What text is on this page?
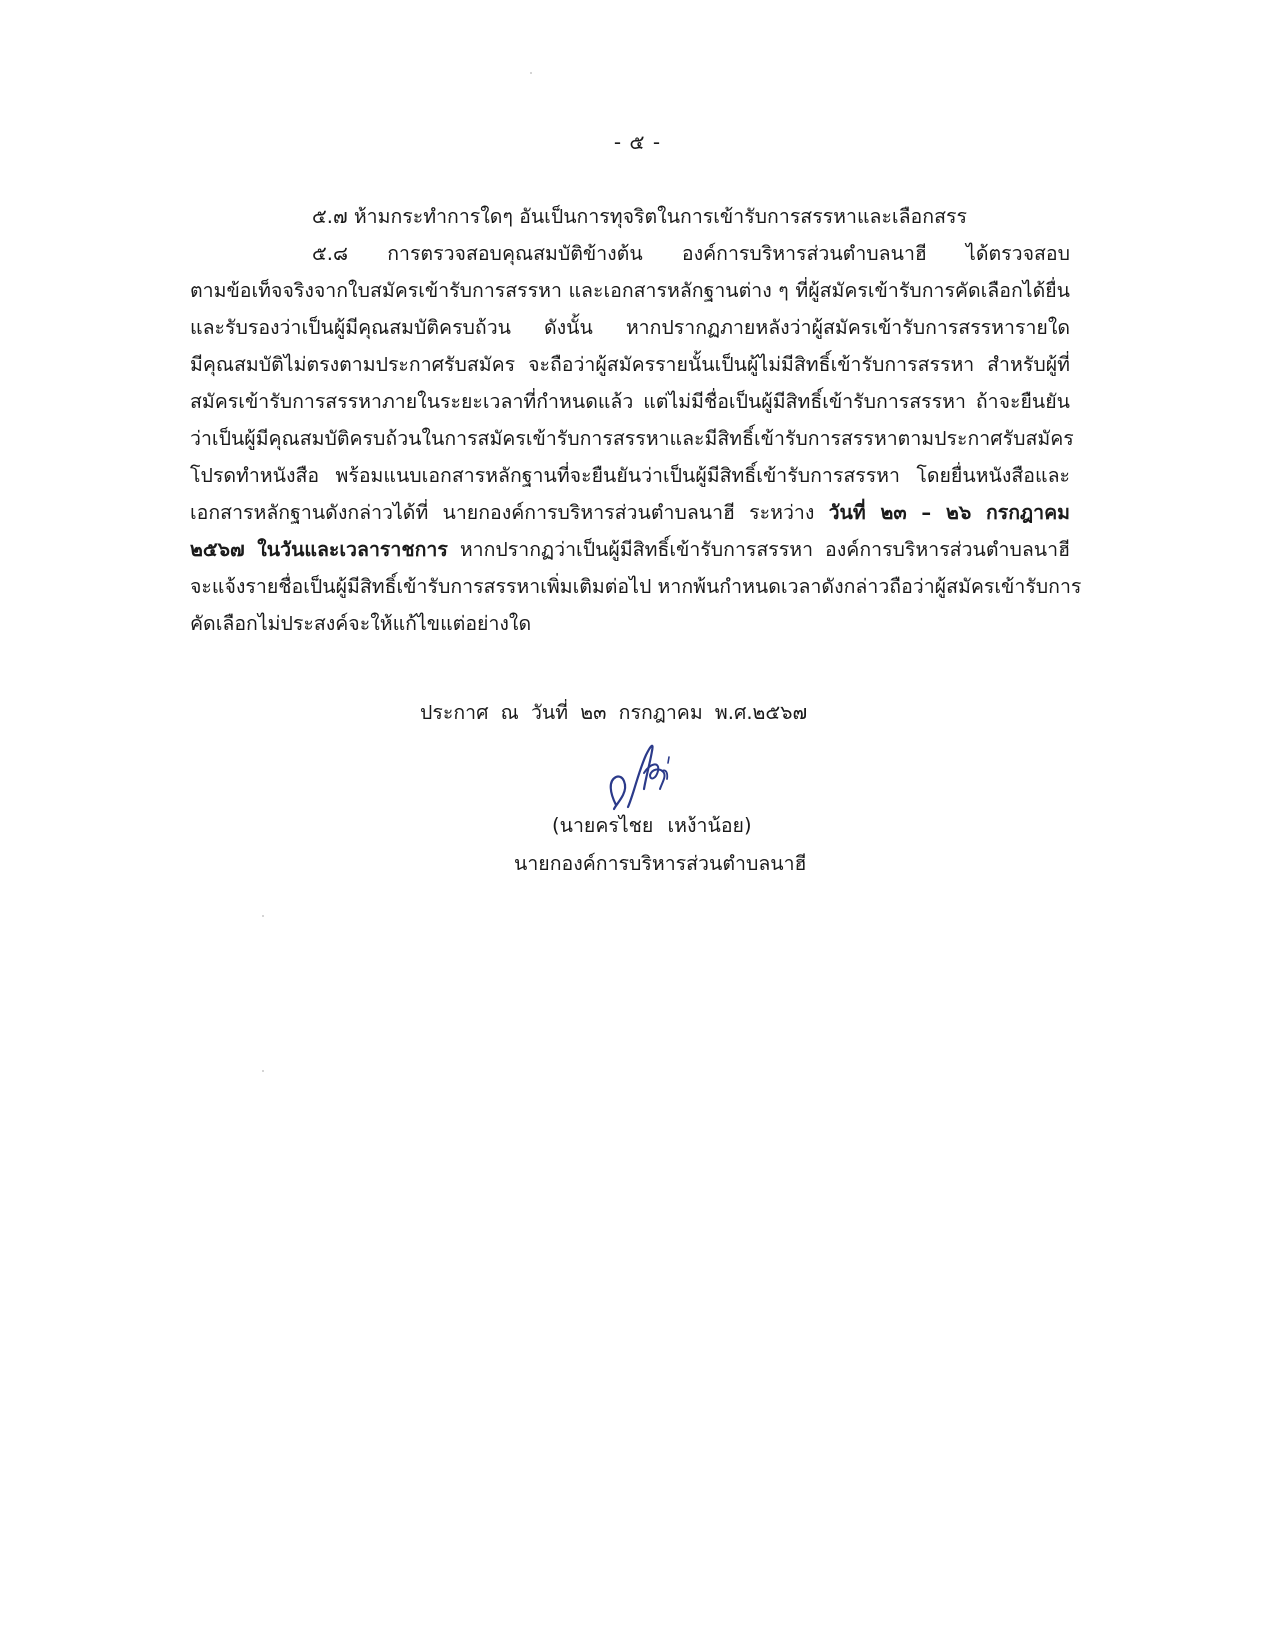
- ๕ -
๕.๗ ห้ามกระทำการใดๆ อันเป็นการทุจริตในการเข้ารับการสรรหาและเลือกสรร
๕.๘ การตรวจสอบคุณสมบัติข้างต้น องค์การบริหารส่วนตำบลนาฮี ได้ตรวจสอบ
ตามข้อเท็จจริงจากใบสมัครเข้ารับการสรรหา และเอกสารหลักฐานต่าง ๆ ที่ผู้สมัครเข้ารับการคัดเลือกได้ยื่น
และรับรองว่าเป็นผู้มีคุณสมบัติครบถ้วน ดังนั้น หากปรากฏภายหลังว่าผู้สมัครเข้ารับการสรรหารายใด
มีคุณสมบัติไม่ตรงตามประกาศรับสมัคร จะถือว่าผู้สมัครรายนั้นเป็นผู้ไม่มีสิทธิ์เข้ารับการสรรหา สำหรับผู้ที่
สมัครเข้ารับการสรรหาภายในระยะเวลาที่กำหนดแล้ว แต่ไม่มีชื่อเป็นผู้มีสิทธิ์เข้ารับการสรรหา ถ้าจะยืนยัน
ว่าเป็นผู้มีคุณสมบัติครบถ้วนในการสมัครเข้ารับการสรรหาและมีสิทธิ์เข้ารับการสรรหาตามประกาศรับสมัคร
โปรดทำหนังสือ พร้อมแนบเอกสารหลักฐานที่จะยืนยันว่าเป็นผู้มีสิทธิ์เข้ารับการสรรหา โดยยื่นหนังสือและ
เอกสารหลักฐานดังกล่าวได้ที่ นายกองค์การบริหารส่วนตำบลนาฮี ระหว่าง วันที่ ๒๓ – ๒๖ กรกฎาคม
๒๕๖๗ ในวันและเวลาราชการ หากปรากฏว่าเป็นผู้มีสิทธิ์เข้ารับการสรรหา องค์การบริหารส่วนตำบลนาฮี
จะแจ้งรายชื่อเป็นผู้มีสิทธิ์เข้ารับการสรรหาเพิ่มเติมต่อไป หากพ้นกำหนดเวลาดังกล่าวถือว่าผู้สมัครเข้ารับการ
คัดเลือกไม่ประสงค์จะให้แก้ไขแต่อย่างใด
ประกาศ ณ วันที่ ๒๓ กรกฎาคม พ.ศ.๒๕๖๗
(นายครไชย เหง้าน้อย)
นายกองค์การบริหารส่วนตำบลนาฮี
